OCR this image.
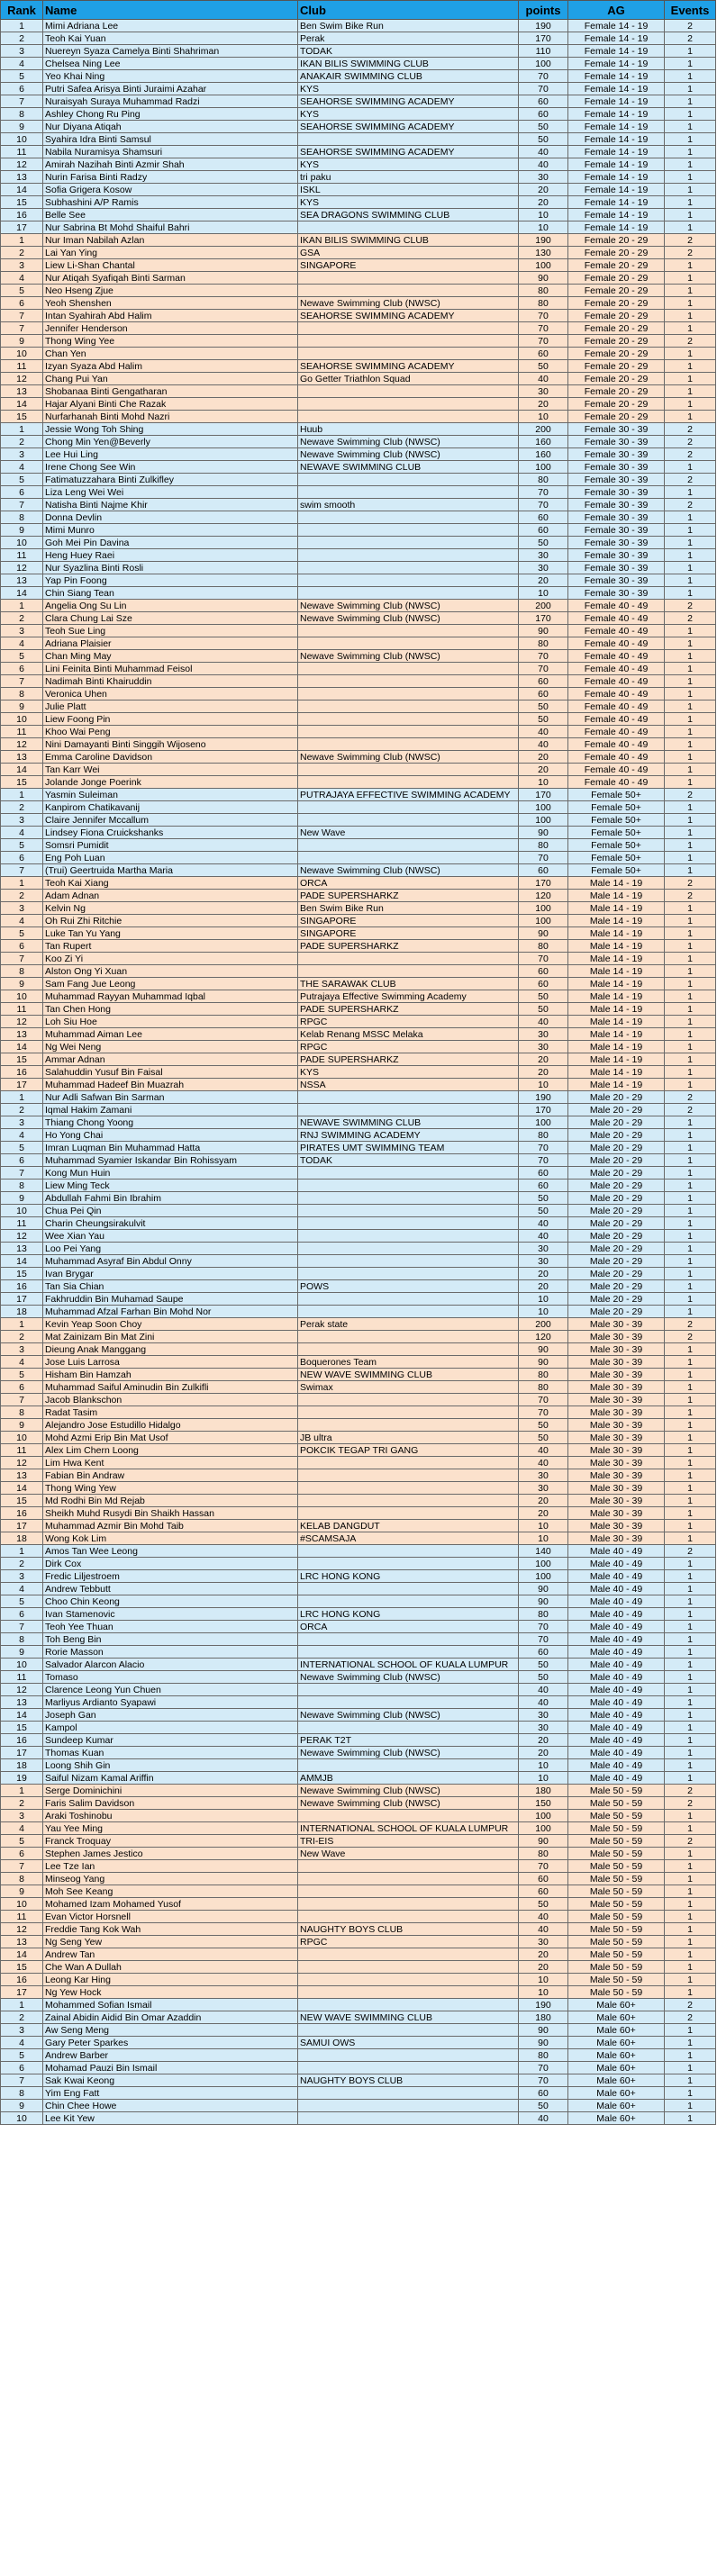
Rank	Name	Club	points	AG	Events
1	Mimi Adriana Lee	Ben Swim Bike Run	190	Female 14 - 19	2
2	Teoh Kai Yuan	Perak	170	Female 14 - 19	2
3	Nuereyn Syaza Camelya Binti Shahriman	TODAK	110	Female 14 - 19	1
4	Chelsea Ning Lee	IKAN BILIS SWIMMING CLUB	100	Female 14 - 19	1
5	Yeo Khai Ning	ANAKAIR SWIMMING CLUB	70	Female 14 - 19	1
6	Putri Safea Arisya Binti Juraimi Azahar	KYS	70	Female 14 - 19	1
7	Nuraisyah Suraya Muhammad Radzi	SEAHORSE SWIMMING ACADEMY	60	Female 14 - 19	1
8	Ashley Chong Ru Ping	KYS	60	Female 14 - 19	1
9	Nur Diyana Atiqah	SEAHORSE SWIMMING ACADEMY	50	Female 14 - 19	1
10	Syahira Idra Binti Samsul		50	Female 14 - 19	1
11	Nabila Nuramisya Shamsuri	SEAHORSE SWIMMING ACADEMY	40	Female 14 - 19	1
12	Amirah Nazihah Binti Azmir Shah	KYS	40	Female 14 - 19	1
13	Nurin Farisa Binti Radzy	tri paku	30	Female 14 - 19	1
14	Sofia Grigera Kosow	ISKL	20	Female 14 - 19	1
15	Subhashini A/P Ramis	KYS	20	Female 14 - 19	1
16	Belle See	SEA DRAGONS SWIMMING CLUB	10	Female 14 - 19	1
17	Nur Sabrina Bt Mohd Shaiful Bahri		10	Female 14 - 19	1
1	Nur Iman Nabilah Azlan	IKAN BILIS SWIMMING CLUB	190	Female 20 - 29	2
2	Lai Yan Ying	GSA	130	Female 20 - 29	2
3	Liew Li-Shan Chantal	SINGAPORE	100	Female 20 - 29	1
4	Nur Atiqah Syafiqah Binti Sarman		90	Female 20 - 29	1
5	Neo Hseng Zjue		80	Female 20 - 29	1
6	Yeoh Shenshen	Newave Swimming Club (NWSC)	80	Female 20 - 29	1
7	Intan Syahirah Abd Halim	SEAHORSE SWIMMING ACADEMY	70	Female 20 - 29	1
7	Jennifer Henderson		70	Female 20 - 29	1
9	Thong Wing Yee		70	Female 20 - 29	2
10	Chan Yen		60	Female 20 - 29	1
11	Izyan Syaza Abd Halim	SEAHORSE SWIMMING ACADEMY	50	Female 20 - 29	1
12	Chang Pui Yan	Go Getter Triathlon Squad	40	Female 20 - 29	1
13	Shobanaa Binti Gengatharan		30	Female 20 - 29	1
14	Hajar Alyani Binti Che Razak		20	Female 20 - 29	1
15	Nurfarhanah Binti Mohd Nazri		10	Female 20 - 29	1
1	Jessie Wong Toh Shing	Huub	200	Female 30 - 39	2
2	Chong Min Yen@Beverly	Newave Swimming Club (NWSC)	160	Female 30 - 39	2
3	Lee Hui Ling	Newave Swimming Club (NWSC)	160	Female 30 - 39	2
4	Irene Chong See Win	NEWAVE SWIMMING CLUB	100	Female 30 - 39	1
5	Fatimatuzzahara Binti Zulkifley		80	Female 30 - 39	2
6	Liza Leng Wei Wei		70	Female 30 - 39	1
7	Natisha Binti Najme Khir	swim smooth	70	Female 30 - 39	2
8	Donna Devlin		60	Female 30 - 39	1
9	Mimi Munro		60	Female 30 - 39	1
10	Goh Mei Pin Davina		50	Female 30 - 39	1
11	Heng Huey Raei		30	Female 30 - 39	1
12	Nur Syazlina Binti Rosli		30	Female 30 - 39	1
13	Yap Pin Foong		20	Female 30 - 39	1
14	Chin Siang Tean		10	Female 30 - 39	1
1	Angelia Ong Su Lin	Newave Swimming Club (NWSC)	200	Female 40 - 49	2
2	Clara Chung Lai Sze	Newave Swimming Club (NWSC)	170	Female 40 - 49	2
3	Teoh Sue Ling		90	Female 40 - 49	1
4	Adriana Plaisier		80	Female 40 - 49	1
5	Chan Ming May	Newave Swimming Club (NWSC)	70	Female 40 - 49	1
6	Lini Feinita Binti Muhammad Feisol		70	Female 40 - 49	1
7	Nadimah Binti Khairuddin		60	Female 40 - 49	1
8	Veronica Uhen		60	Female 40 - 49	1
9	Julie Platt		50	Female 40 - 49	1
10	Liew Foong Pin		50	Female 40 - 49	1
11	Khoo Wai Peng		40	Female 40 - 49	1
12	Nini Damayanti Binti Singgih Wijoseno		40	Female 40 - 49	1
13	Emma Caroline Davidson	Newave Swimming Club (NWSC)	20	Female 40 - 49	1
14	Tan Karr Wei		20	Female 40 - 49	1
15	Jolande Jonge Poerink		10	Female 40 - 49	1
1	Yasmin Suleiman	PUTRAJAYA EFFECTIVE SWIMMING ACADEMY	170	Female 50+	2
2	Kanpirom Chatikavanij		100	Female 50+	1
3	Claire Jennifer Mccallum		100	Female 50+	1
4	Lindsey Fiona Cruickshanks	New Wave	90	Female 50+	1
5	Somsri Pumidit		80	Female 50+	1
6	Eng Poh Luan		70	Female 50+	1
7	(Trui) Geertruida Martha Maria	Newave Swimming Club (NWSC)	60	Female 50+	1
1	Teoh Kai Xiang	ORCA	170	Male 14 - 19	2
2	Adam Adnan	PADE SUPERSHARKZ	120	Male 14 - 19	2
3	Kelvin Ng	Ben Swim Bike Run	100	Male 14 - 19	1
4	Oh Rui Zhi Ritchie	SINGAPORE	100	Male 14 - 19	1
5	Luke Tan Yu Yang	SINGAPORE	90	Male 14 - 19	1
6	Tan Rupert	PADE SUPERSHARKZ	80	Male 14 - 19	1
7	Koo Zi Yi		70	Male 14 - 19	1
8	Alston Ong Yi Xuan		60	Male 14 - 19	1
9	Sam Fang Jue Leong	THE SARAWAK CLUB	60	Male 14 - 19	1
10	Muhammad Rayyan Muhammad Iqbal	Putrajaya Effective Swimming Academy	50	Male 14 - 19	1
11	Tan Chen Hong	PADE SUPERSHARKZ	50	Male 14 - 19	1
12	Loh Siu Hoe	RPGC	40	Male 14 - 19	1
13	Muhammad Aiman Lee	Kelab Renang MSSC Melaka	30	Male 14 - 19	1
14	Ng Wei Neng	RPGC	30	Male 14 - 19	1
15	Ammar Adnan	PADE SUPERSHARKZ	20	Male 14 - 19	1
16	Salahuddin Yusuf Bin Faisal	KYS	20	Male 14 - 19	1
17	Muhammad Hadeef Bin Muazrah	NSSA	10	Male 14 - 19	1
1	Nur Adli Safwan Bin Sarman		190	Male 20 - 29	2
2	Iqmal Hakim Zamani		170	Male 20 - 29	2
3	Thiang Chong Yoong	NEWAVE SWIMMING CLUB	100	Male 20 - 29	1
4	Ho Yong Chai	RNJ SWIMMING ACADEMY	80	Male 20 - 29	1
5	Imran Luqman Bin Muhammad Hatta	PIRATES UMT SWIMMING TEAM	70	Male 20 - 29	1
6	Muhammad Syamier Iskandar Bin Rohissyam	TODAK	70	Male 20 - 29	1
7	Kong Mun Huin		60	Male 20 - 29	1
8	Liew Ming Teck		60	Male 20 - 29	1
9	Abdullah Fahmi Bin Ibrahim		50	Male 20 - 29	1
10	Chua Pei Qin		50	Male 20 - 29	1
11	Charin Cheungsirakulvit		40	Male 20 - 29	1
12	Wee Xian Yau		40	Male 20 - 29	1
13	Loo Pei Yang		30	Male 20 - 29	1
14	Muhammad Asyraf Bin Abdul Onny		30	Male 20 - 29	1
15	Ivan Brygar		20	Male 20 - 29	1
16	Tan Sia Chian	POWS	20	Male 20 - 29	1
17	Fakhruddin Bin Muhamad Saupe		10	Male 20 - 29	1
18	Muhammad Afzal Farhan Bin Mohd Nor		10	Male 20 - 29	1
1	Kevin Yeap Soon Choy	Perak state	200	Male 30 - 39	2
2	Mat Zainizam Bin Mat Zini		120	Male 30 - 39	2
3	Dieung Anak Manggang		90	Male 30 - 39	1
4	Jose Luis Larrosa	Boquerones Team	90	Male 30 - 39	1
5	Hisham Bin Hamzah	NEW WAVE SWIMMING CLUB	80	Male 30 - 39	1
6	Muhammad Saiful Aminudin Bin Zulkifli	Swimax	80	Male 30 - 39	1
7	Jacob Blankschon		70	Male 30 - 39	1
8	Radat Tasim		70	Male 30 - 39	1
9	Alejandro Jose Estudillo Hidalgo		50	Male 30 - 39	1
10	Mohd Azmi Erip Bin Mat Usof	JB ultra	50	Male 30 - 39	1
11	Alex Lim Chern Loong	POKCIK TEGAP TRI GANG	40	Male 30 - 39	1
12	Lim Hwa Kent		40	Male 30 - 39	1
13	Fabian Bin Andraw		30	Male 30 - 39	1
14	Thong Wing Yew		30	Male 30 - 39	1
15	Md Rodhi Bin Md Rejab		20	Male 30 - 39	1
16	Sheikh Muhd Rusydi Bin Shaikh Hassan		20	Male 30 - 39	1
17	Muhammad Azmir Bin Mohd Taib	KELAB DANGDUT	10	Male 30 - 39	1
18	Wong Kok Lim	#SCAMSAJA	10	Male 30 - 39	1
1	Amos Tan Wee Leong		140	Male 40 - 49	2
2	Dirk Cox		100	Male 40 - 49	1
3	Fredic Liljestroem	LRC HONG KONG	100	Male 40 - 49	1
4	Andrew Tebbutt		90	Male 40 - 49	1
5	Choo Chin Keong		90	Male 40 - 49	1
6	Ivan Stamenovic	LRC HONG KONG	80	Male 40 - 49	1
7	Teoh Yee Thuan	ORCA	70	Male 40 - 49	1
8	Toh Beng Bin		70	Male 40 - 49	1
9	Rorie Masson		60	Male 40 - 49	1
10	Salvador Alarcon Alacio	INTERNATIONAL SCHOOL OF KUALA LUMPUR	50	Male 40 - 49	1
11	Tomaso	Newave Swimming Club (NWSC)	50	Male 40 - 49	1
12	Clarence Leong Yun Chuen		40	Male 40 - 49	1
13	Marliyus Ardianto Syapawi		40	Male 40 - 49	1
14	Joseph Gan	Newave Swimming Club (NWSC)	30	Male 40 - 49	1
15	Kampol		30	Male 40 - 49	1
16	Sundeep Kumar	PERAK T2T	20	Male 40 - 49	1
17	Thomas Kuan	Newave Swimming Club (NWSC)	20	Male 40 - 49	1
18	Loong Shih Gin		10	Male 40 - 49	1
19	Saiful Nizam Kamal Ariffin	AMMJB	10	Male 40 - 49	1
1	Serge Dominichini	Newave Swimming Club (NWSC)	180	Male 50 - 59	2
2	Faris Salim Davidson	Newave Swimming Club (NWSC)	150	Male 50 - 59	2
3	Araki Toshinobu		100	Male 50 - 59	1
4	Yau Yee Ming	INTERNATIONAL SCHOOL OF KUALA LUMPUR	100	Male 50 - 59	1
5	Franck Troquay	TRI-EIS	90	Male 50 - 59	2
6	Stephen James Jestico	New Wave	80	Male 50 - 59	1
7	Lee Tze Ian		70	Male 50 - 59	1
8	Minseog Yang		60	Male 50 - 59	1
9	Moh See Keang		60	Male 50 - 59	1
10	Mohamed Izam Mohamed Yusof		50	Male 50 - 59	1
11	Evan Victor Horsnell		40	Male 50 - 59	1
12	Freddie Tang Kok Wah	NAUGHTY BOYS CLUB	40	Male 50 - 59	1
13	Ng Seng Yew	RPGC	30	Male 50 - 59	1
14	Andrew Tan		20	Male 50 - 59	1
15	Che Wan A Dullah		20	Male 50 - 59	1
16	Leong Kar Hing		10	Male 50 - 59	1
17	Ng Yew Hock		10	Male 50 - 59	1
1	Mohammed Sofian Ismail		190	Male 60+	2
2	Zainal Abidin Aidid Bin Omar Azaddin	NEW WAVE SWIMMING CLUB	180	Male 60+	2
3	Aw Seng Meng		90	Male 60+	1
4	Gary Peter Sparkes	SAMUI OWS	90	Male 60+	1
5	Andrew Barber		80	Male 60+	1
6	Mohamad Pauzi Bin Ismail		70	Male 60+	1
7	Sak Kwai Keong	NAUGHTY BOYS CLUB	70	Male 60+	1
8	Yim Eng Fatt		60	Male 60+	1
9	Chin Chee Howe		50	Male 60+	1
10	Lee Kit Yew		40	Male 60+	1
